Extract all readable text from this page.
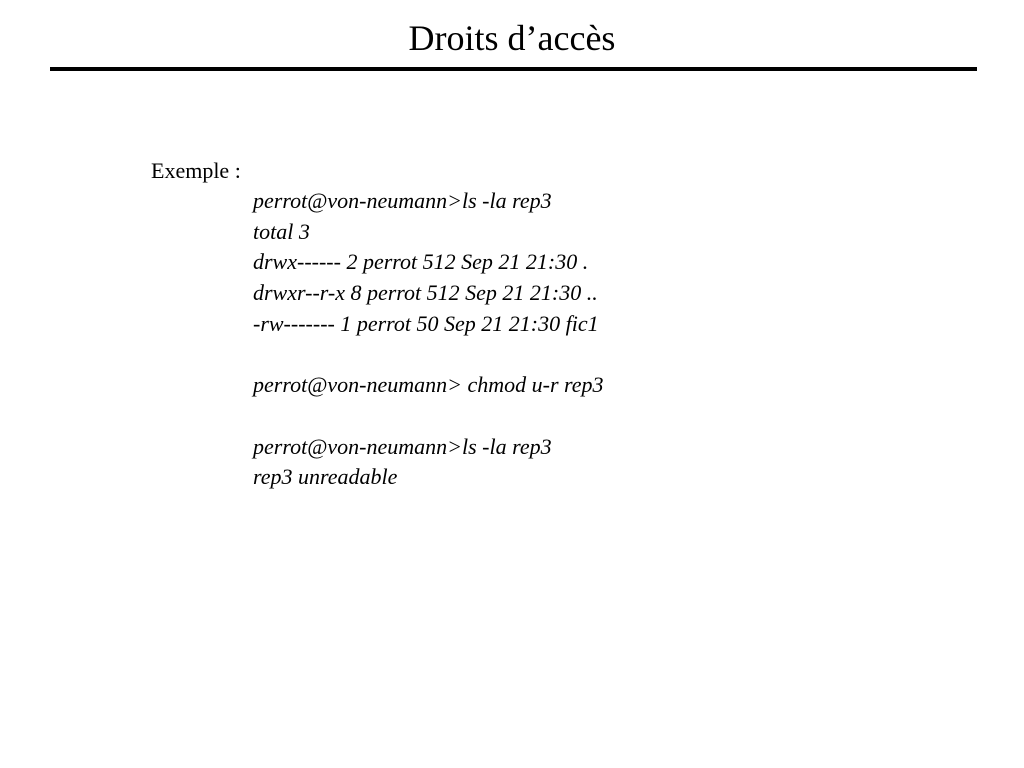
Droits d’accès
Exemple :
perrot@von-neumann>ls -la rep3
total 3
drwx------ 2 perrot 512 Sep 21 21:30 .
drwxr--r-x 8 perrot 512 Sep 21 21:30 ..
-rw------- 1 perrot 50 Sep 21 21:30 fic1
perrot@von-neumann> chmod u-r rep3
perrot@von-neumann>ls -la rep3
rep3 unreadable
